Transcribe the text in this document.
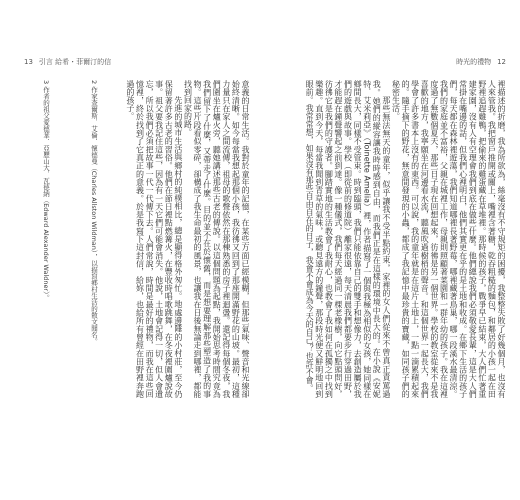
13 引言 給希・菲爾汀的信

意義的日常生活。我對於童年的記憶，在某些方面已經模糊，但那些氣味、聲音和光線卻始終清晰。如今每當我想起那個小孩，我彷彿又回到了那座開滿野花的山坡。最初，這種力量只在家人之間流傳，祖母的歌聲依然在那棟熟悉的房子裡迴盪。還記得每個冬夜，我們圍坐在爐火旁，聽她講述那些古老的傳說。以這個問題為起點，我開始思考時間究竟為我們留下了什麼，又帶走了什麼。目的並不在於懷舊，而是想要理解那些塑造了我的事物。這些片段看似零碎，卻構成了我生命最初的風景，也讓我在日後無論走到哪裡，都能找到回家的路。

先進的城市生活與鄉村的純樸相比，總是顯得格外匆忙。地處邊陲的小村莊，至今仍保留著許多古老的習俗。他們在節日裡點燃篝火，在豐收時唱歌跳舞，在冬夜裡圍爐說故事。祖父要我記住這些，因為有一天它們可能會消失。他說，土地會記得一切，但人會遺忘，所以我們必須把故事一代一代傳下去。人們常說，時間是最好的禮物，而我在這些回憶裡，終於找到了它真正的意義。於是我寫下這封信，給妳，也給所有曾經在田野裡奔跑過的孩子。

2 作家查爾斯．艾倫．懷德曼（Charles Allston Wildman），以描寫鄉村生活的散文聞名。

3 作者的祖父愛德華．亞歷山大．瓦德納（Edward Alexander Waldner）。

時光的禮物 12

裡描述的折磨，我為所欲為，絲毫沒有不守規矩的困擾，我整整失敗了好幾個月，也沒有人來管我。我把窗戶推開或關上，嘴裡含著糖，乾吞粗糙的麵包，和鄰居的小孩一起在田野裡追趕雞鴨，把偷來的雞蛋藏在草堆裡。那時候的孩子，戰爭早已結束，大人們忙著重建家園，沒有人有空理會我們到底在做些什麼。他們總說我們必須敬愛長輩，這是大人們常掛在嘴邊的話，但我們心裡明白，他們其實更在乎的是土地和收成。在鄉下生活的孩子們，每天都在森林裡遊蕩，我們知道哪裡長著野莓，哪裡藏著鳥巢，哪一段溪水最清涼。我們的家庭並不富裕，父親在城裡工作，母親則照顧著菜園和一群年幼的孩子。我在這裡度過了無數個夏天，那些日子現在回想起來，彷彿是另一個世界。學校的教室從來不是我喜歡的地方，我寧願坐在河邊看水流，聽風吹過樹梢的聲音。和這個世界一起長大，我們學會了許多書本上沒有的東西。可以說，我的童年就是在這片土地上，一點一滴累積起來的。隨手摘下的野花，無意間發現的小蟲，都成了我記憶中最珍貴的寶藏，如同孩子們的秘密生活。

那些無法無天的童年，似乎讓我不受半點約束，家裡的女人們從來不曾真正責罵過我。她們的縱容讓我時時感到自由，而我們正是在這樣的環境中長大的。在小說《安妮特．艾米莉亞》（Toinette Amelia）裡，作者描寫了一個與我極為相似的女孩，她同樣在鄉間長大，同樣不受管束。時到臨頭，我們只能依靠自己的雙手和想像力，去創造屬於我們的遊戲與故事。學校（即從前的修道院）離家很遠，每天清晨我們都要步行穿過田野，才能趕在鐘聲響起之前到達。像一種儀式，我們每天經過同一棵老橡樹，向它點頭問好，彷彿它是我們的守護者。腳踏實地的生活教會了我耐心，也教會了我如何在孤獨之中找到樂趣。直到今天，每當我聞到青草的氣味，或聽見遠方的鐘聲，那段時光便又鮮明地回到眼前。我常常想，如果沒有那些自由自在的日子，我會不會成為今天的自己？也許不會。
